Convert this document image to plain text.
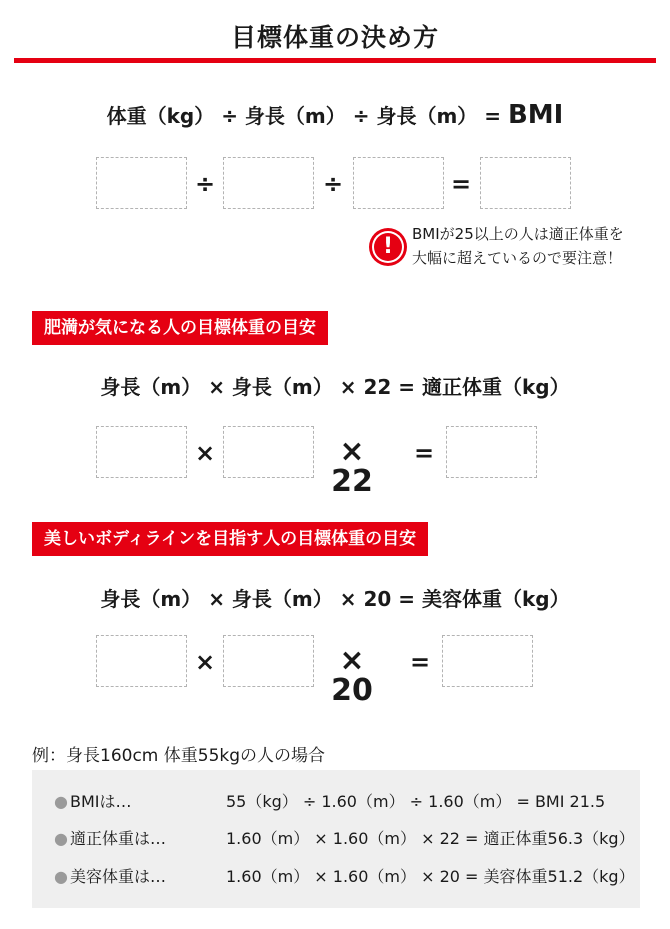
目標体重の決め方
体重（kg） ÷ 身長（m） ÷ 身長（m） = BMI
÷	÷	=
!	BMIが25以上の人は適正体重を
大幅に超えているので要注意！
肥満が気になる人の目標体重の目安
身長（m） × 身長（m） × 22 = 適正体重（kg）
×	× 22
=
美しいボディラインを目指す人の目標体重の目安
身長（m） × 身長（m） × 20 = 美容体重（kg）
×	× 20
=
例：身長160cm 体重55kgの人の場合
● BMIは…	55（kg） ÷ 1.60（m） ÷ 1.60（m） = BMI 21.5
● 適正体重は…	1.60（m） × 1.60（m） × 22 = 適正体重56.3（kg）
● 美容体重は…	1.60（m） × 1.60（m） × 20 = 美容体重51.2（kg）
